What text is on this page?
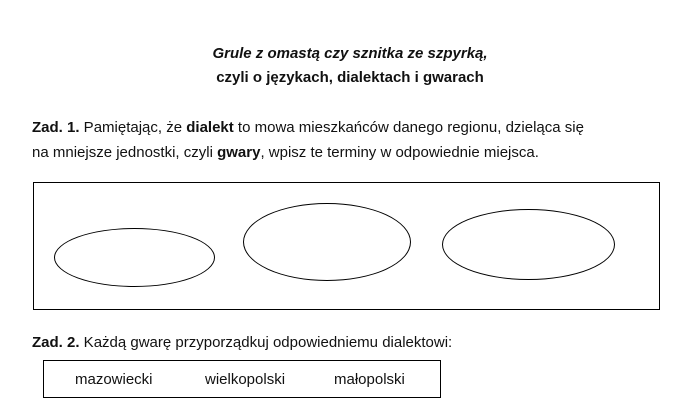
Grule z omastą czy sznitka ze szpyrką,
czyli o językach, dialektach i gwarach
Zad. 1. Pamiętając, że dialekt to mowa mieszkańców danego regionu, dzieląca się
na mniejsze jednostki, czyli gwary, wpisz te terminy w odpowiednie miejsca.
Zad. 2. Każdą gwarę przyporządkuj odpowiedniemu dialektowi:
mazowiecki	wielkopolski	małopolski
